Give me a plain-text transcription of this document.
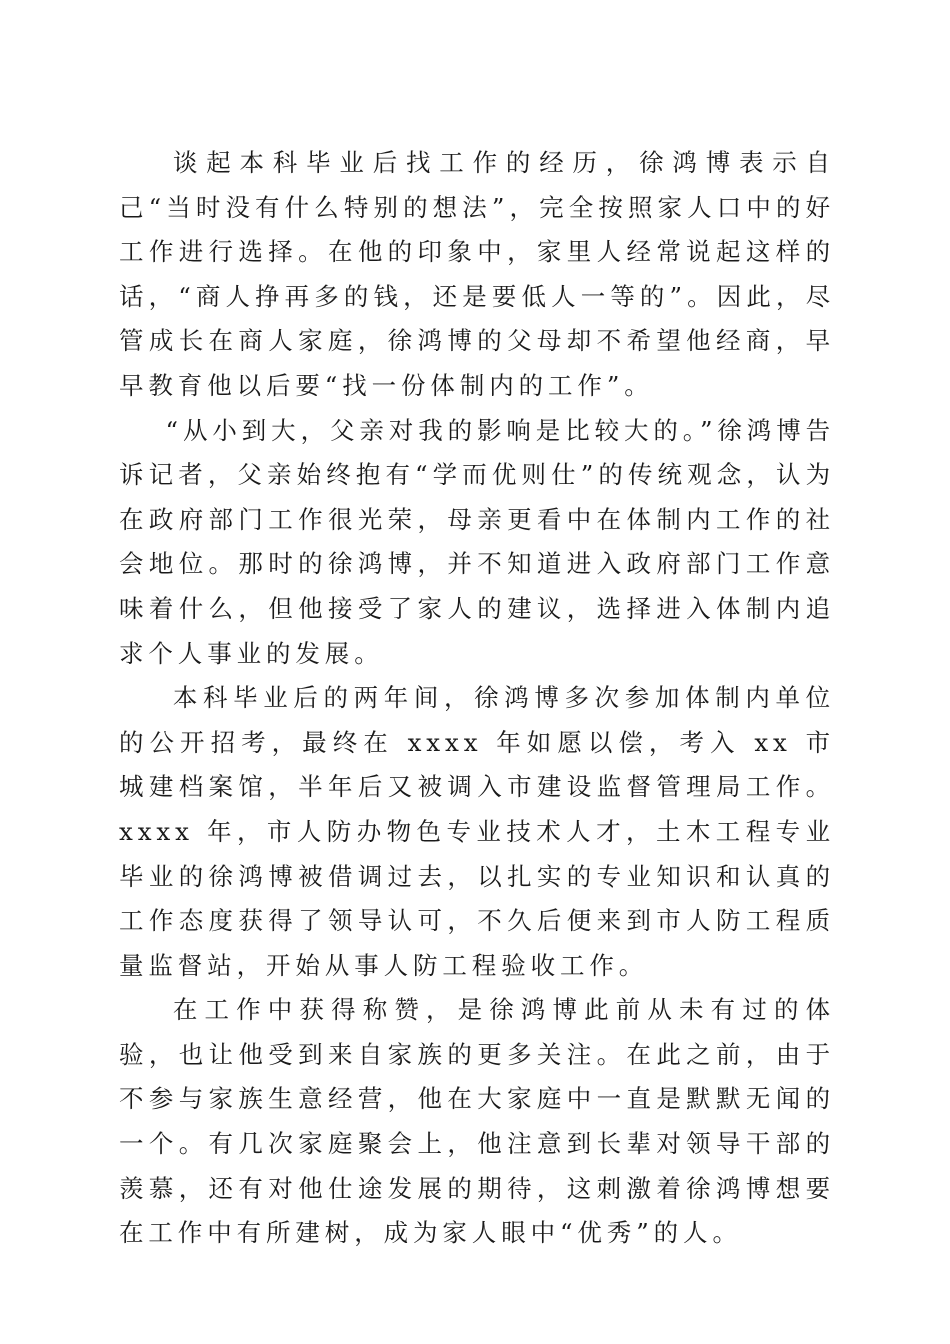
谈起本科毕业后找工作的经历，徐鸿博表示自己“当时没有什么特别的想法”，完全按照家人口中的好工作进行选择。在他的印象中，家里人经常说起这样的话，“商人挣再多的钱，还是要低人一等的”。因此，尽管成长在商人家庭，徐鸿博的父母却不希望他经商，早早教育他以后要“找一份体制内的工作”。

“从小到大，父亲对我的影响是比较大的。”徐鸿博告诉记者，父亲始终抱有“学而优则仕”的传统观念，认为在政府部门工作很光荣，母亲更看中在体制内工作的社会地位。那时的徐鸿博，并不知道进入政府部门工作意味着什么，但他接受了家人的建议，选择进入体制内追求个人事业的发展。

本科毕业后的两年间，徐鸿博多次参加体制内单位的公开招考，最终在 xxxx 年如愿以偿，考入 xx 市城建档案馆，半年后又被调入市建设监督管理局工作。xxxx 年，市人防办物色专业技术人才，土木工程专业毕业的徐鸿博被借调过去，以扎实的专业知识和认真的工作态度获得了领导认可，不久后便来到市人防工程质量监督站，开始从事人防工程验收工作。

在工作中获得称赞，是徐鸿博此前从未有过的体验，也让他受到来自家族的更多关注。在此之前，由于不参与家族生意经营，他在大家庭中一直是默默无闻的一个。有几次家庭聚会上，他注意到长辈对领导干部的羡慕，还有对他仕途发展的期待，这刺激着徐鸿博想要在工作中有所建树，成为家人眼中“优秀”的人。
